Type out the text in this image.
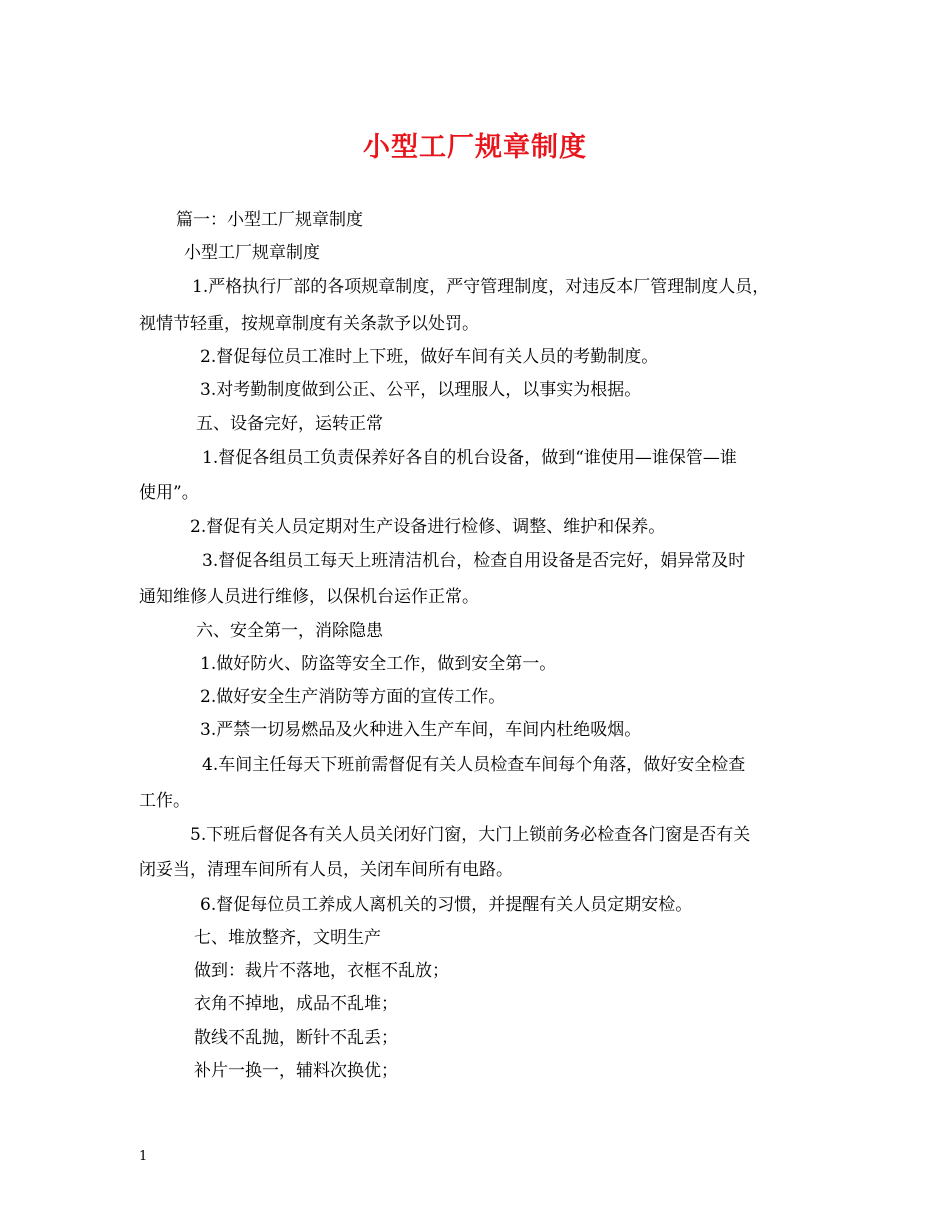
小型工厂规章制度
篇一：小型工厂规章制度
小型工厂规章制度
1.严格执行厂部的各项规章制度，严守管理制度，对违反本厂管理制度人员，
视情节轻重，按规章制度有关条款予以处罚。
2.督促每位员工准时上下班，做好车间有关人员的考勤制度。
3.对考勤制度做到公正、公平，以理服人，以事实为根据。
五、设备完好，运转正常
1.督促各组员工负责保养好各自的机台设备，做到“谁使用—谁保管—谁
使用”。
2.督促有关人员定期对生产设备进行检修、调整、维护和保养。
3.督促各组员工每天上班清洁机台，检查自用设备是否完好，娟异常及时
通知维修人员进行维修，以保机台运作正常。
六、安全第一，消除隐患
1.做好防火、防盗等安全工作，做到安全第一。
2.做好安全生产消防等方面的宣传工作。
3.严禁一切易燃品及火种进入生产车间，车间内杜绝吸烟。
4.车间主任每天下班前需督促有关人员检查车间每个角落，做好安全检查
工作。
5.下班后督促各有关人员关闭好门窗，大门上锁前务必检查各门窗是否有关
闭妥当，清理车间所有人员，关闭车间所有电路。
6.督促每位员工养成人离机关的习惯，并提醒有关人员定期安检。
七、堆放整齐，文明生产
做到：裁片不落地，衣框不乱放；
衣角不掉地，成品不乱堆；
散线不乱抛，断针不乱丢；
补片一换一，辅料次换优；
1
